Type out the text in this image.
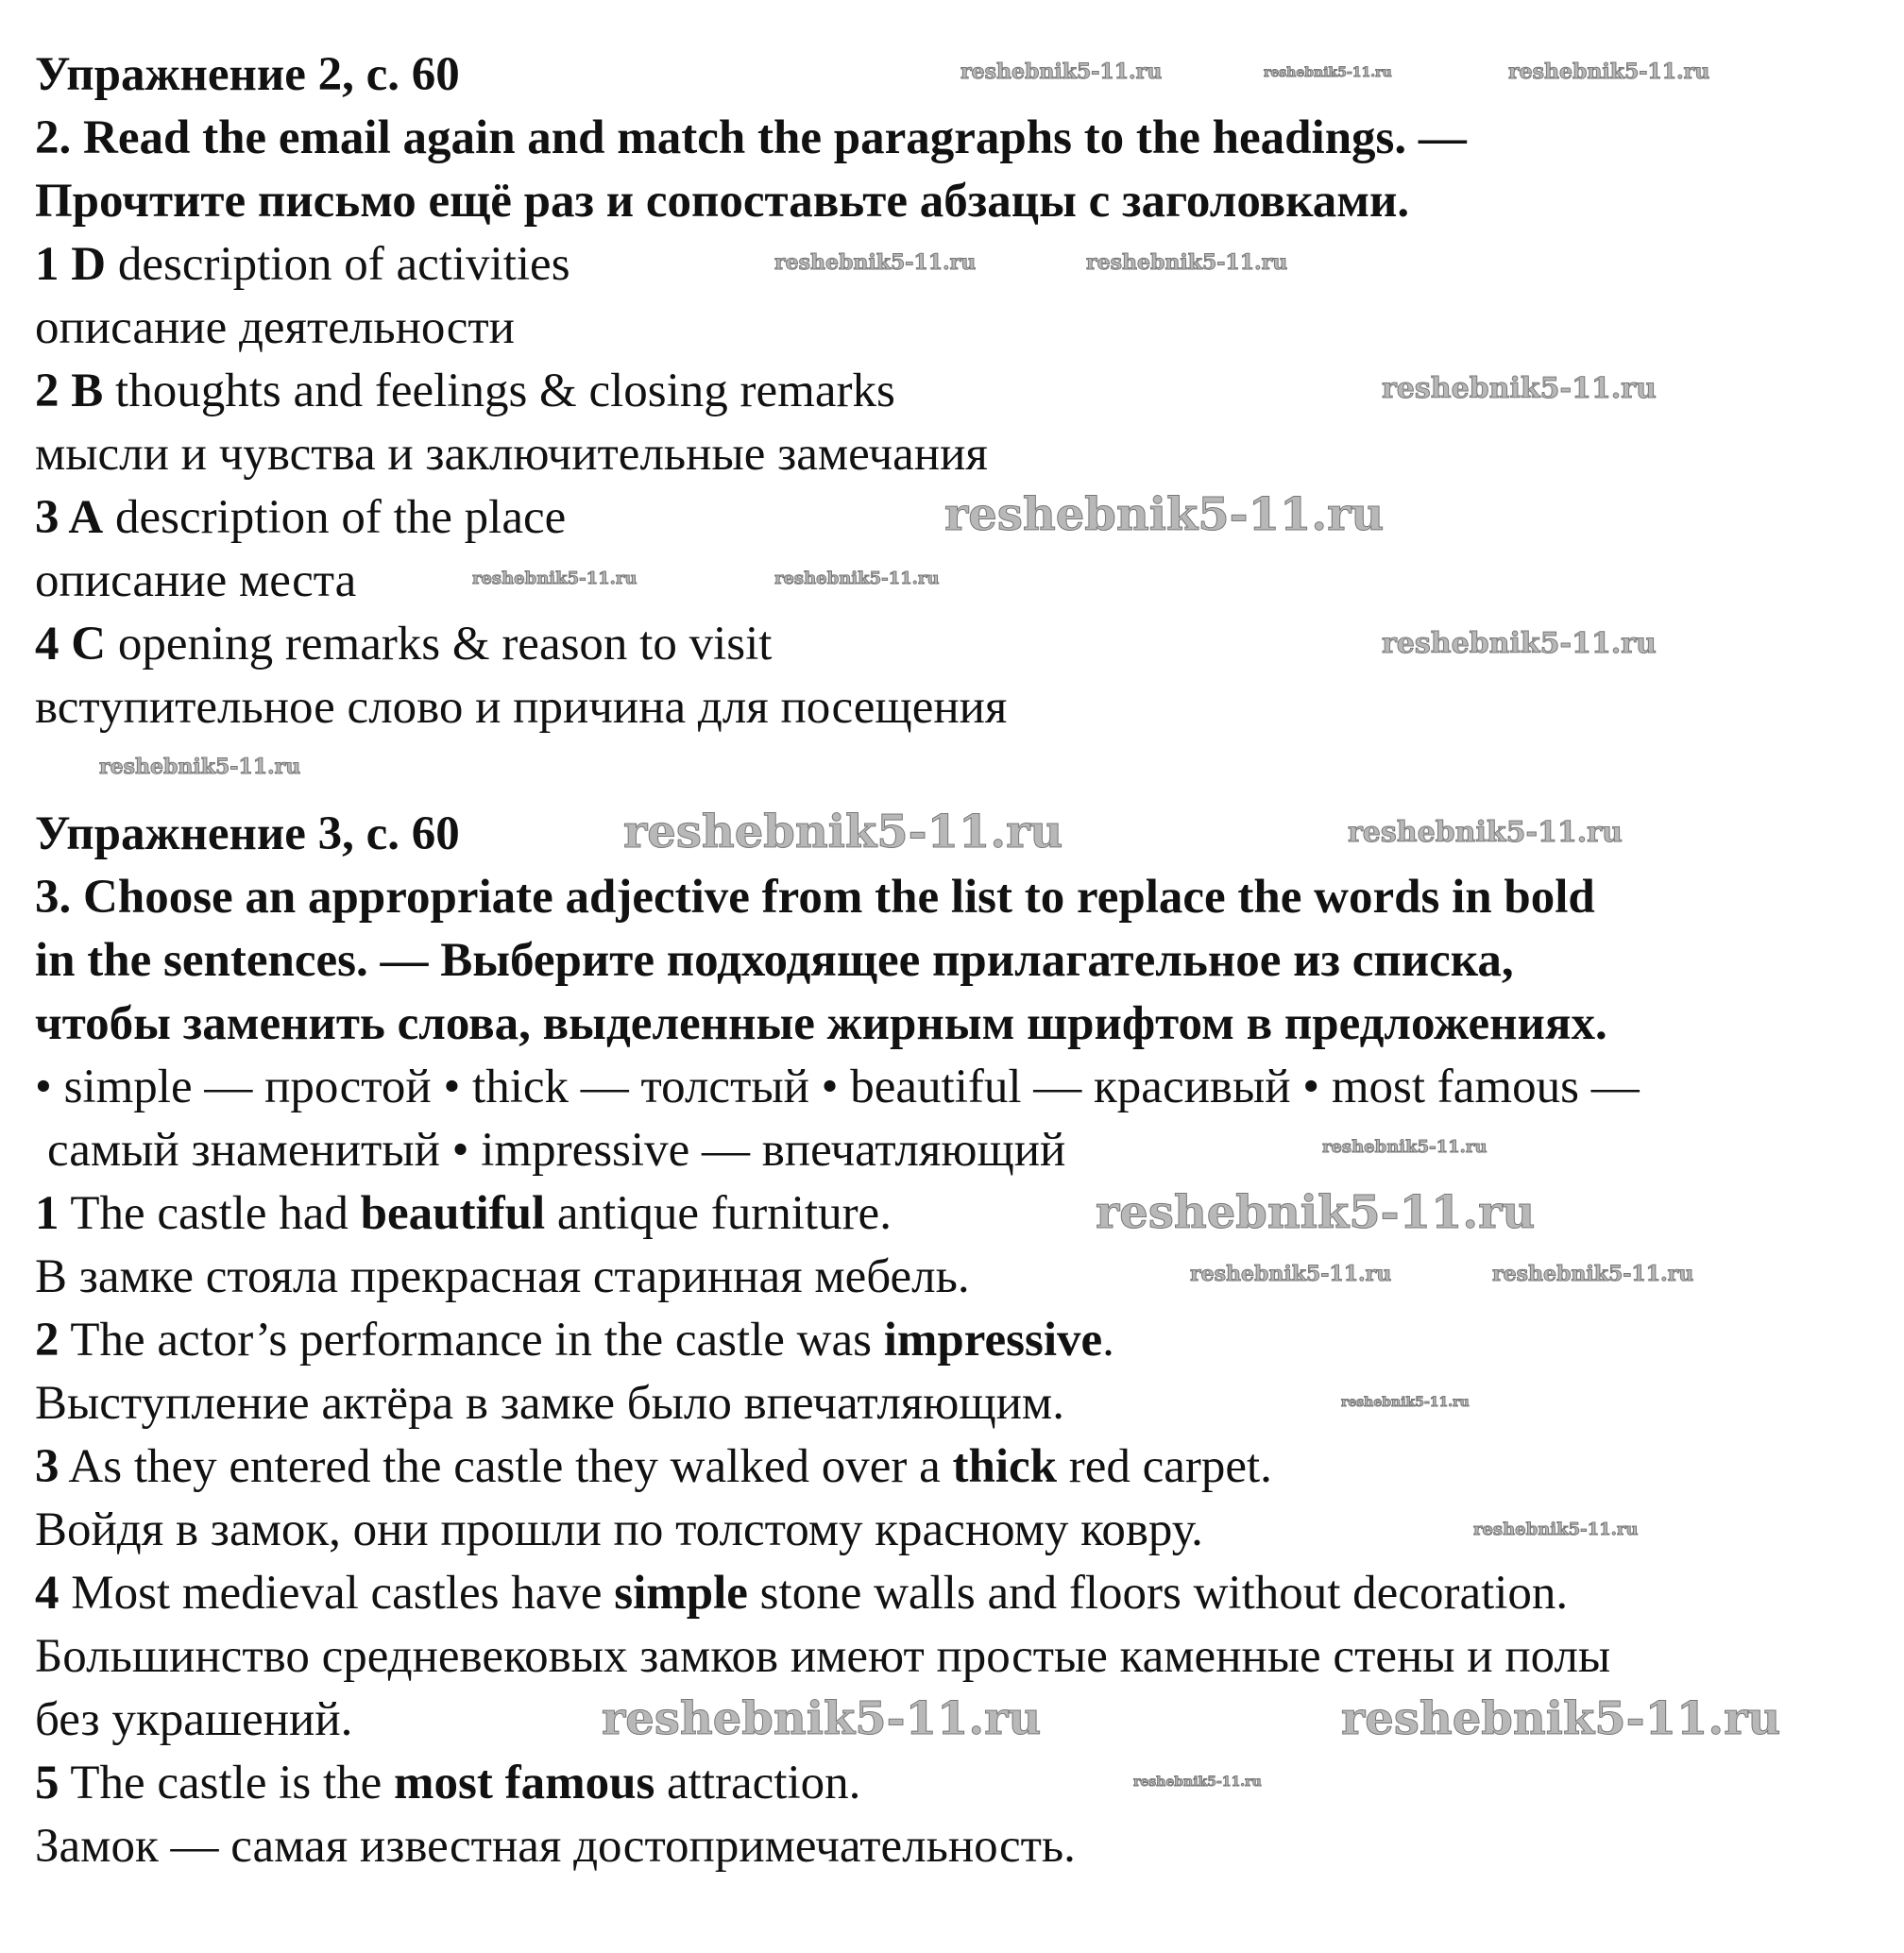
Упражнение 2, с. 60
2. Read the email again and match the paragraphs to the headings. —
Прочтите письмо ещё раз и сопоставьте абзацы с заголовками.
1 D description of activities
описание деятельности
2 B thoughts and feelings & closing remarks
мысли и чувства и заключительные замечания
3 A description of the place
описание места
4 C opening remarks & reason to visit
вступительное слово и причина для посещения
Упражнение 3, с. 60
3. Choose an appropriate adjective from the list to replace the words in bold
in the sentences. — Выберите подходящее прилагательное из списка,
чтобы заменить слова, выделенные жирным шрифтом в предложениях.
• simple — простой • thick — толстый • beautiful — красивый • most famous —
самый знаменитый • impressive — впечатляющий
1 The castle had beautiful antique furniture.
В замке стояла прекрасная старинная мебель.
2 The actor’s performance in the castle was impressive.
Выступление актёра в замке было впечатляющим.
3 As they entered the castle they walked over a thick red carpet.
Войдя в замок, они прошли по толстому красному ковру.
4 Most medieval castles have simple stone walls and floors without decoration.
Большинство средневековых замков имеют простые каменные стены и полы
без украшений.
5 The castle is the most famous attraction.
Замок — самая известная достопримечательность.
reshebnik5-11.ru	reshebnik5-11.ru	reshebnik5-11.ru
reshebnik5-11.ru	reshebnik5-11.ru
reshebnik5-11.ru
reshebnik5-11.ru
reshebnik5-11.ru
reshebnik5-11.ru
reshebnik5-11.ru
reshebnik5-11.ru
reshebnik5-11.ru	reshebnik5-11.ru
reshebnik5-11.ru
reshebnik5-11.ru
reshebnik5-11.ru	reshebnik5-11.ru
reshebnik5-11.ru
reshebnik5-11.ru
reshebnik5-11.ru	reshebnik5-11.ru
reshebnik5-11.ru
